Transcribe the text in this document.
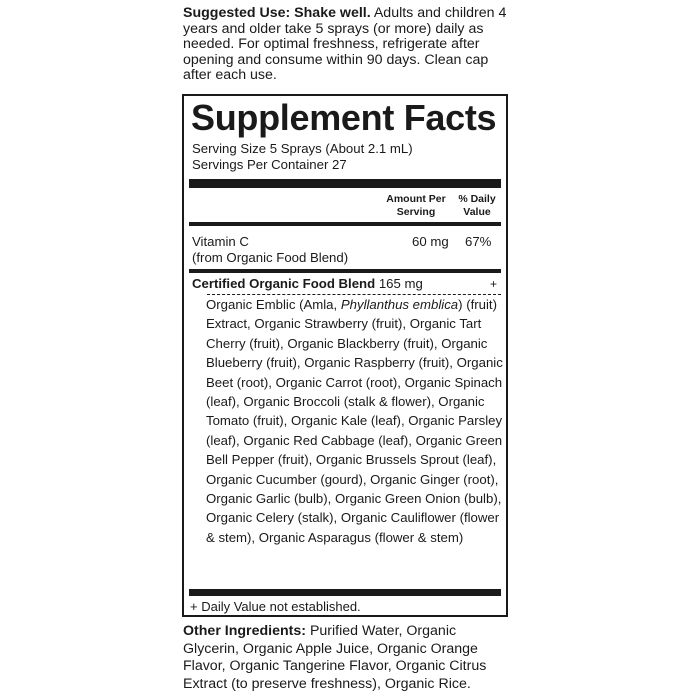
Suggested Use: Shake well. Adults and children 4 years and older take 5 sprays (or more) daily as needed. For optimal freshness, refrigerate after opening and consume within 90 days. Clean cap after each use.
Supplement Facts
Serving Size 5 Sprays (About 2.1 mL)
Servings Per Container 27
Amount Per Serving
% Daily Value
Vitamin C
(from Organic Food Blend)
60 mg 67%
Certified Organic Food Blend 165 mg	+
Organic Emblic (Amla, Phyllanthus emblica) (fruit) Extract, Organic Strawberry (fruit), Organic Tart Cherry (fruit), Organic Blackberry (fruit), Organic Blueberry (fruit), Organic Raspberry (fruit), Organic Beet (root), Organic Carrot (root), Organic Spinach (leaf), Organic Broccoli (stalk & flower), Organic Tomato (fruit), Organic Kale (leaf), Organic Parsley (leaf), Organic Red Cabbage (leaf), Organic Green Bell Pepper (fruit), Organic Brussels Sprout (leaf), Organic Cucumber (gourd), Organic Ginger (root), Organic Garlic (bulb), Organic Green Onion (bulb), Organic Celery (stalk), Organic Cauliflower (flower & stem), Organic Asparagus (flower & stem)
+ Daily Value not established.
Other Ingredients: Purified Water, Organic Glycerin, Organic Apple Juice, Organic Orange Flavor, Organic Tangerine Flavor, Organic Citrus Extract (to preserve freshness), Organic Rice.
